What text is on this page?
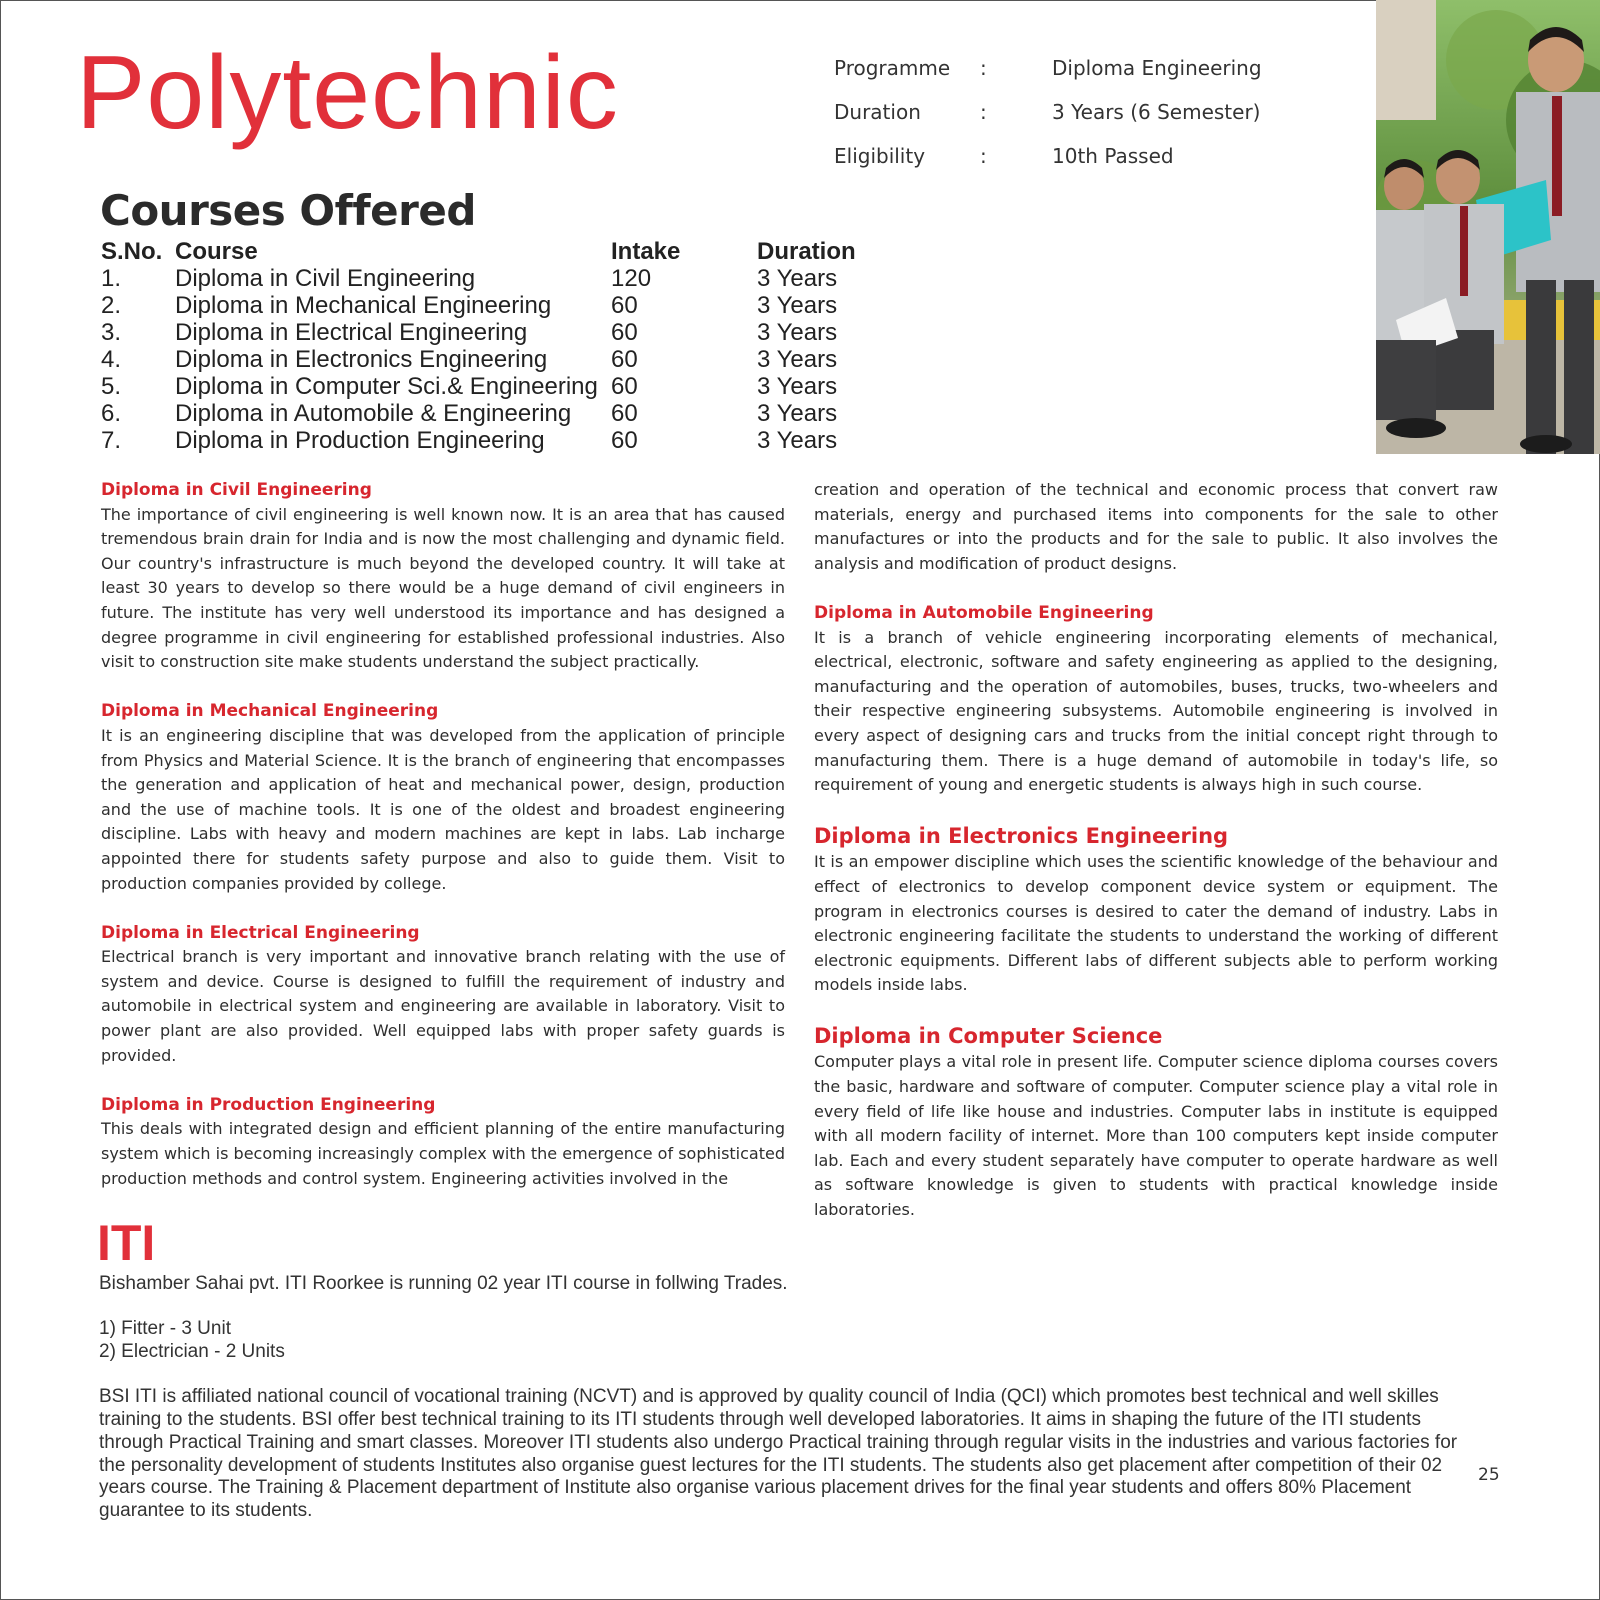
Polytechnic	Programme :	Diploma Engineering
Duration	:	3 Years (6 Semester)
Eligibility	:	10th Passed
Courses Offered
S.No. Course	Intake	Duration
1. Diploma in Civil Engineering	120	3 Years
2. Diploma in Mechanical Engineering 60	3 Years
3. Diploma in Electrical Engineering	60	3 Years
4. Diploma in Electronics Engineering	60	3 Years
5. Diploma in Computer Sci.& Engineering 60	3 Years
6. Diploma in Automobile & Engineering 60	3 Years
7. Diploma in Production Engineering	60	3 Years

Diploma in Civil Engineering

The importance of civil engineering is well known now. It is an area that has caused tremendous brain drain for India and is now the most challenging and dynamic field. Our country's infrastructure is much beyond the developed country. It will take at least 30 years to develop so there would be a huge demand of civil engineers in future. The institute has very well understood its importance and has designed a degree programme in civil engineering for established professional industries. Also visit to construction site make students understand the subject practically.

Diploma in Mechanical Engineering

It is an engineering discipline that was developed from the application of principle from Physics and Material Science. It is the branch of engineering that encompasses the generation and application of heat and mechanical power, design, production and the use of machine tools. It is one of the oldest and broadest engineering discipline. Labs with heavy and modern machines are kept in labs. Lab incharge appointed there for students safety purpose and also to guide them. Visit to production companies provided by college.

Diploma in Electrical Engineering

Electrical branch is very important and innovative branch relating with the use of system and device. Course is designed to fulfill the requirement of industry and automobile in electrical system and engineering are available in laboratory. Visit to power plant are also provided. Well equipped labs with proper safety guards is provided.

Diploma in Production Engineering

This deals with integrated design and efficient planning of the entire manufacturing system which is becoming increasingly complex with the emergence of sophisticated production methods and control system. Engineering activities involved in the

creation and operation of the technical and economic process that convert raw materials, energy and purchased items into components for the sale to other manufactures or into the products and for the sale to public. It also involves the analysis and modification of product designs.

Diploma in Automobile Engineering

It is a branch of vehicle engineering incorporating elements of mechanical, electrical, electronic, software and safety engineering as applied to the designing, manufacturing and the operation of automobiles, buses, trucks, two-wheelers and their respective engineering subsystems. Automobile engineering is involved in every aspect of designing cars and trucks from the initial concept right through to manufacturing them. There is a huge demand of automobile in today's life, so requirement of young and energetic students is always high in such course.

Diploma in Electronics Engineering

It is an empower discipline which uses the scientific knowledge of the behaviour and effect of electronics to develop component device system or equipment. The program in electronics courses is desired to cater the demand of industry. Labs in electronic engineering facilitate the students to understand the working of different electronic equipments. Different labs of different subjects able to perform working models inside labs.

Diploma in Computer Science

Computer plays a vital role in present life. Computer science diploma courses covers the basic, hardware and software of computer. Computer science play a vital role in every field of life like house and industries. Computer labs in institute is equipped with all modern facility of internet. More than 100 computers kept inside computer lab. Each and every student separately have computer to operate hardware as well as software knowledge is given to students with practical knowledge inside laboratories.

ITI

Bishamber Sahai pvt. ITI Roorkee is running 02 year ITI course in follwing Trades.

1) Fitter - 3 Unit

2) Electrician - 2 Units

BSI ITI is affiliated national council of vocational training (NCVT) and is approved by quality council of India (QCI) which promotes best technical and well skilles training to the students. BSI offer best technical training to its ITI students through well developed laboratories. It aims in shaping the future of the ITI students through Practical Training and smart classes. Moreover ITI students also undergo Practical training through regular visits in the industries and various factories for the personality development of students Institutes also organise guest lectures for the ITI students. The students also get placement after competition of their 02 years course. The Training & Placement department of Institute also organise various placement drives for the final year students and offers 80% Placement guarantee to its students.

25
